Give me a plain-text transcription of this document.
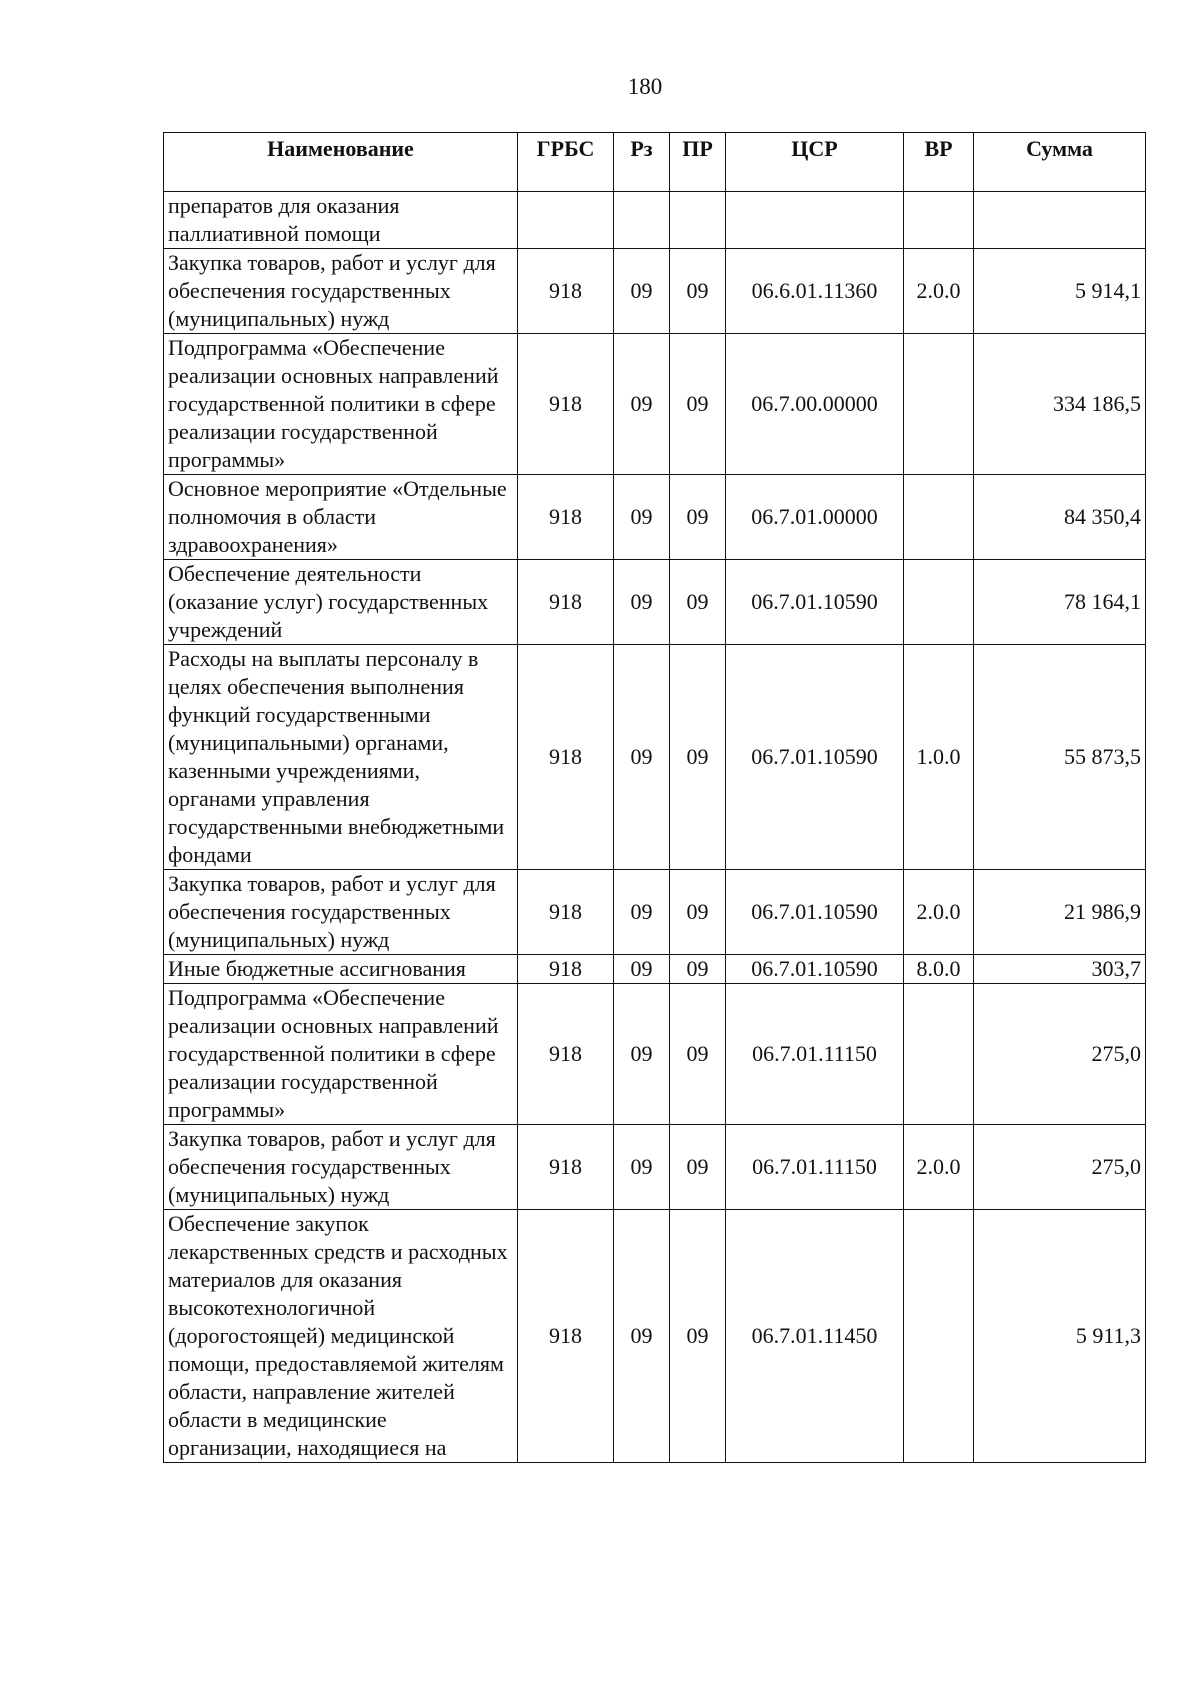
180
Наименование	ГРБС	Рз	ПР	ЦСР	ВР	Сумма
препаратов для оказания паллиативной помощи						
Закупка товаров, работ и услуг для обеспечения государственных (муниципальных) нужд	918	09	09	06.6.01.11360	2.0.0	5 914,1
Подпрограмма «Обеспечение реализации основных направлений государственной политики в сфере реализации государственной программы»	918	09	09	06.7.00.00000		334 186,5
Основное мероприятие «Отдельные полномочия в области здравоохранения»	918	09	09	06.7.01.00000		84 350,4
Обеспечение деятельности (оказание услуг) государственных учреждений	918	09	09	06.7.01.10590		78 164,1
Расходы на выплаты персоналу в целях обеспечения выполнения функций государственными (муниципальными) органами, казенными учреждениями, органами управления государственными внебюджетными фондами	918	09	09	06.7.01.10590	1.0.0	55 873,5
Закупка товаров, работ и услуг для обеспечения государственных (муниципальных) нужд	918	09	09	06.7.01.10590	2.0.0	21 986,9
Иные бюджетные ассигнования	918	09	09	06.7.01.10590	8.0.0	303,7
Подпрограмма «Обеспечение реализации основных направлений государственной политики в сфере реализации государственной программы»	918	09	09	06.7.01.11150		275,0
Закупка товаров, работ и услуг для обеспечения государственных (муниципальных) нужд	918	09	09	06.7.01.11150	2.0.0	275,0
Обеспечение закупок лекарственных средств и расходных материалов для оказания высокотехнологичной (дорогостоящей) медицинской помощи, предоставляемой жителям области, направление жителей области в медицинские организации, находящиеся на	918	09	09	06.7.01.11450		5 911,3
